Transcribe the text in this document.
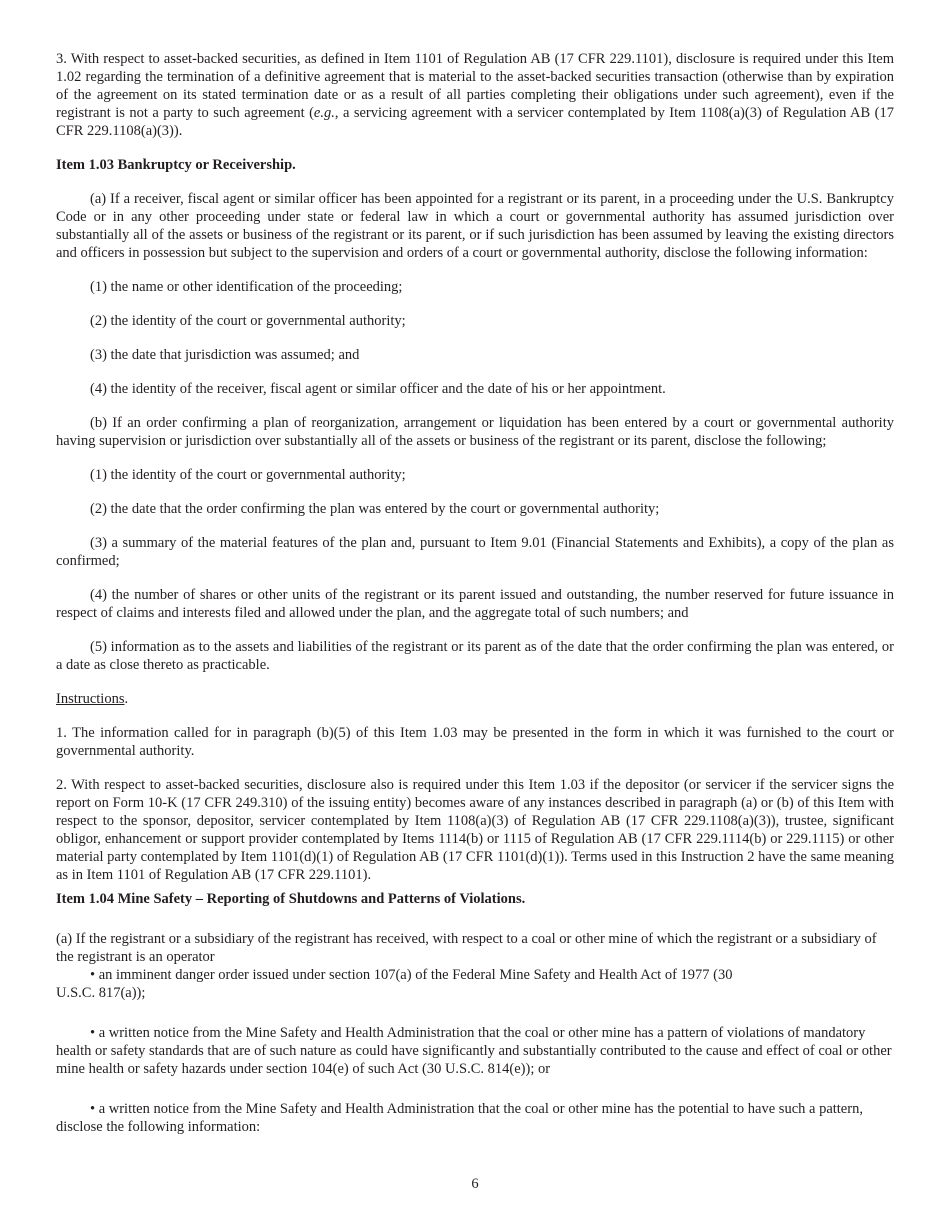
3. With respect to asset-backed securities, as defined in Item 1101 of Regulation AB (17 CFR 229.1101), disclosure is required under this Item 1.02 regarding the termination of a definitive agreement that is material to the asset-backed securities transaction (otherwise than by expiration of the agreement on its stated termination date or as a result of all parties completing their obligations under such agreement), even if the registrant is not a party to such agreement (e.g., a servicing agreement with a servicer contemplated by Item 1108(a)(3) of Regulation AB (17 CFR 229.1108(a)(3)).

Item 1.03 Bankruptcy or Receivership.

(a) If a receiver, fiscal agent or similar officer has been appointed for a registrant or its parent, in a proceeding under the U.S. Bankruptcy Code or in any other proceeding under state or federal law in which a court or governmental authority has assumed jurisdiction over substantially all of the assets or business of the registrant or its parent, or if such jurisdiction has been assumed by leaving the existing directors and officers in possession but subject to the supervision and orders of a court or governmental authority, disclose the following information:

(1) the name or other identification of the proceeding;

(2) the identity of the court or governmental authority;

(3) the date that jurisdiction was assumed; and

(4) the identity of the receiver, fiscal agent or similar officer and the date of his or her appointment.

(b) If an order confirming a plan of reorganization, arrangement or liquidation has been entered by a court or governmental authority having supervision or jurisdiction over substantially all of the assets or business of the registrant or its parent, disclose the following;

(1) the identity of the court or governmental authority;

(2) the date that the order confirming the plan was entered by the court or governmental authority;

(3) a summary of the material features of the plan and, pursuant to Item 9.01 (Financial Statements and Exhibits), a copy of the plan as confirmed;

(4) the number of shares or other units of the registrant or its parent issued and outstanding, the number reserved for future issuance in respect of claims and interests filed and allowed under the plan, and the aggregate total of such numbers; and

(5) information as to the assets and liabilities of the registrant or its parent as of the date that the order confirming the plan was entered, or a date as close thereto as practicable.

Instructions.

1. The information called for in paragraph (b)(5) of this Item 1.03 may be presented in the form in which it was furnished to the court or governmental authority.

2. With respect to asset-backed securities, disclosure also is required under this Item 1.03 if the depositor (or servicer if the servicer signs the report on Form 10-K (17 CFR 249.310) of the issuing entity) becomes aware of any instances described in paragraph (a) or (b) of this Item with respect to the sponsor, depositor, servicer contemplated by Item 1108(a)(3) of Regulation AB (17 CFR 229.1108(a)(3)), trustee, significant obligor, enhancement or support provider contemplated by Items 1114(b) or 1115 of Regulation AB (17 CFR 229.1114(b) or 229.1115) or other material party contemplated by Item 1101(d)(1) of Regulation AB (17 CFR 1101(d)(1)). Terms used in this Instruction 2 have the same meaning as in Item 1101 of Regulation AB (17 CFR 229.1101).

Item 1.04 Mine Safety – Reporting of Shutdowns and Patterns of Violations.

(a) If the registrant or a subsidiary of the registrant has received, with respect to a coal or other mine of which the registrant or a subsidiary of the registrant is an operator

• an imminent danger order issued under section 107(a) of the Federal Mine Safety and Health Act of 1977 (30

U.S.C. 817(a));

• a written notice from the Mine Safety and Health Administration that the coal or other mine has a pattern of violations of mandatory health or safety standards that are of such nature as could have significantly and substantially contributed to the cause and effect of coal or other mine health or safety hazards under section 104(e) of such Act (30 U.S.C. 814(e)); or

• a written notice from the Mine Safety and Health Administration that the coal or other mine has the potential to have such a pattern, disclose the following information:

6
